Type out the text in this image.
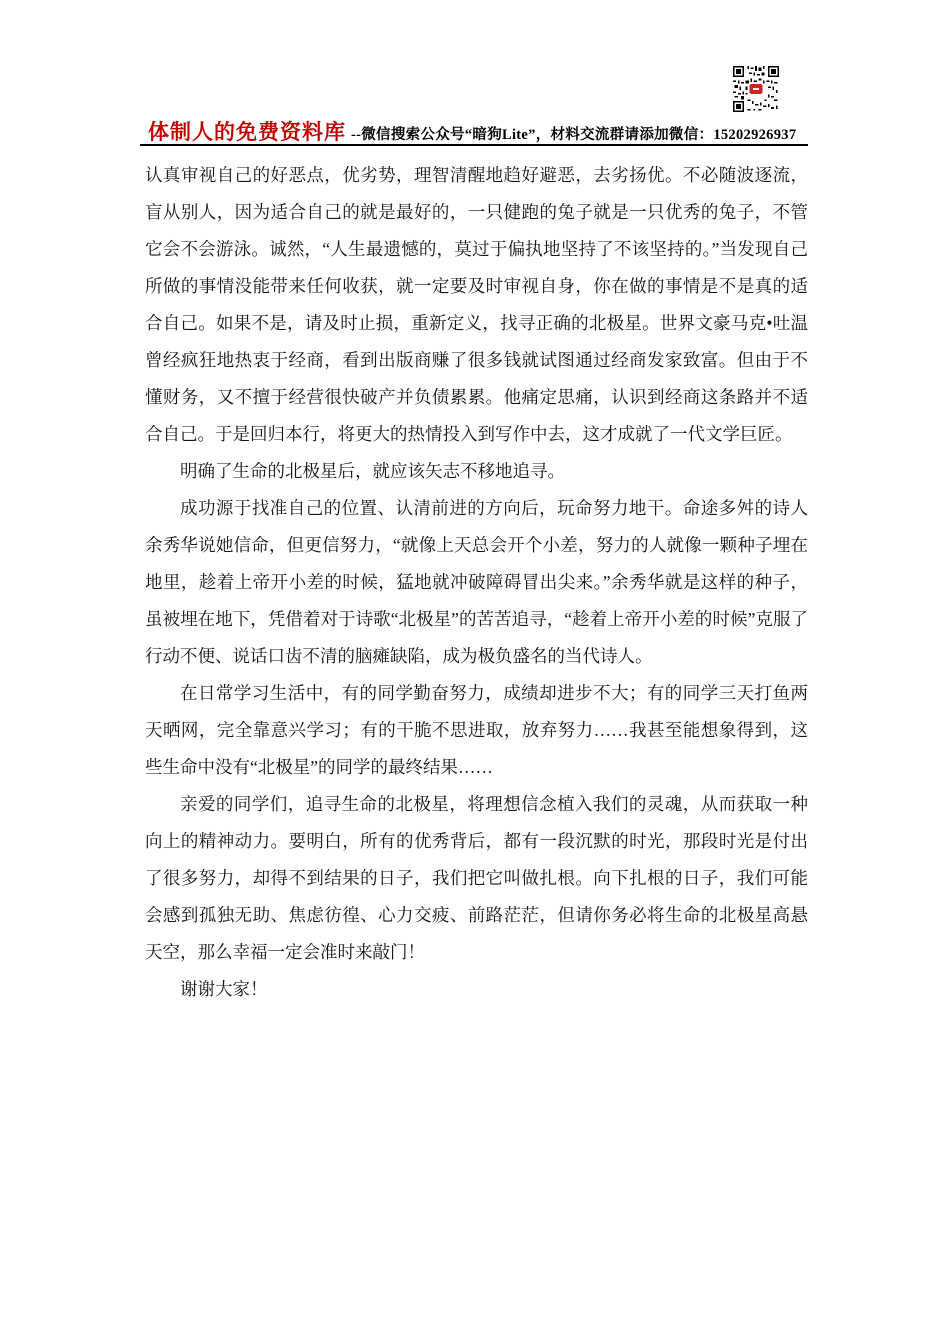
体制人的免费资料库 --微信搜索公众号“暗狗Lite”，材料交流群请添加微信：15202926937

认真审视自己的好恶点，优劣势，理智清醒地趋好避恶，去劣扬优。不必随波逐流，盲从别人，因为适合自己的就是最好的，一只健跑的兔子就是一只优秀的兔子，不管它会不会游泳。诚然，“人生最遗憾的，莫过于偏执地坚持了不该坚持的。”当发现自己所做的事情没能带来任何收获，就一定要及时审视自身，你在做的事情是不是真的适合自己。如果不是，请及时止损，重新定义，找寻正确的北极星。世界文豪马克•吐温曾经疯狂地热衷于经商，看到出版商赚了很多钱就试图通过经商发家致富。但由于不懂财务，又不擅于经营很快破产并负债累累。他痛定思痛，认识到经商这条路并不适合自己。于是回归本行，将更大的热情投入到写作中去，这才成就了一代文学巨匠。

明确了生命的北极星后，就应该矢志不移地追寻。

成功源于找准自己的位置、认清前进的方向后，玩命努力地干。命途多舛的诗人余秀华说她信命，但更信努力，“就像上天总会开个小差，努力的人就像一颗种子埋在地里，趁着上帝开小差的时候，猛地就冲破障碍冒出尖来。”余秀华就是这样的种子，虽被埋在地下，凭借着对于诗歌“北极星”的苦苦追寻，“趁着上帝开小差的时候”克服了行动不便、说话口齿不清的脑瘫缺陷，成为极负盛名的当代诗人。

在日常学习生活中，有的同学勤奋努力，成绩却进步不大；有的同学三天打鱼两天晒网，完全靠意兴学习；有的干脆不思进取，放弃努力……我甚至能想象得到，这些生命中没有“北极星”的同学的最终结果……

亲爱的同学们，追寻生命的北极星，将理想信念植入我们的灵魂，从而获取一种向上的精神动力。要明白，所有的优秀背后，都有一段沉默的时光，那段时光是付出了很多努力，却得不到结果的日子，我们把它叫做扎根。向下扎根的日子，我们可能会感到孤独无助、焦虑彷徨、心力交疲、前路茫茫，但请你务必将生命的北极星高悬天空，那么幸福一定会准时来敲门！

谢谢大家！
